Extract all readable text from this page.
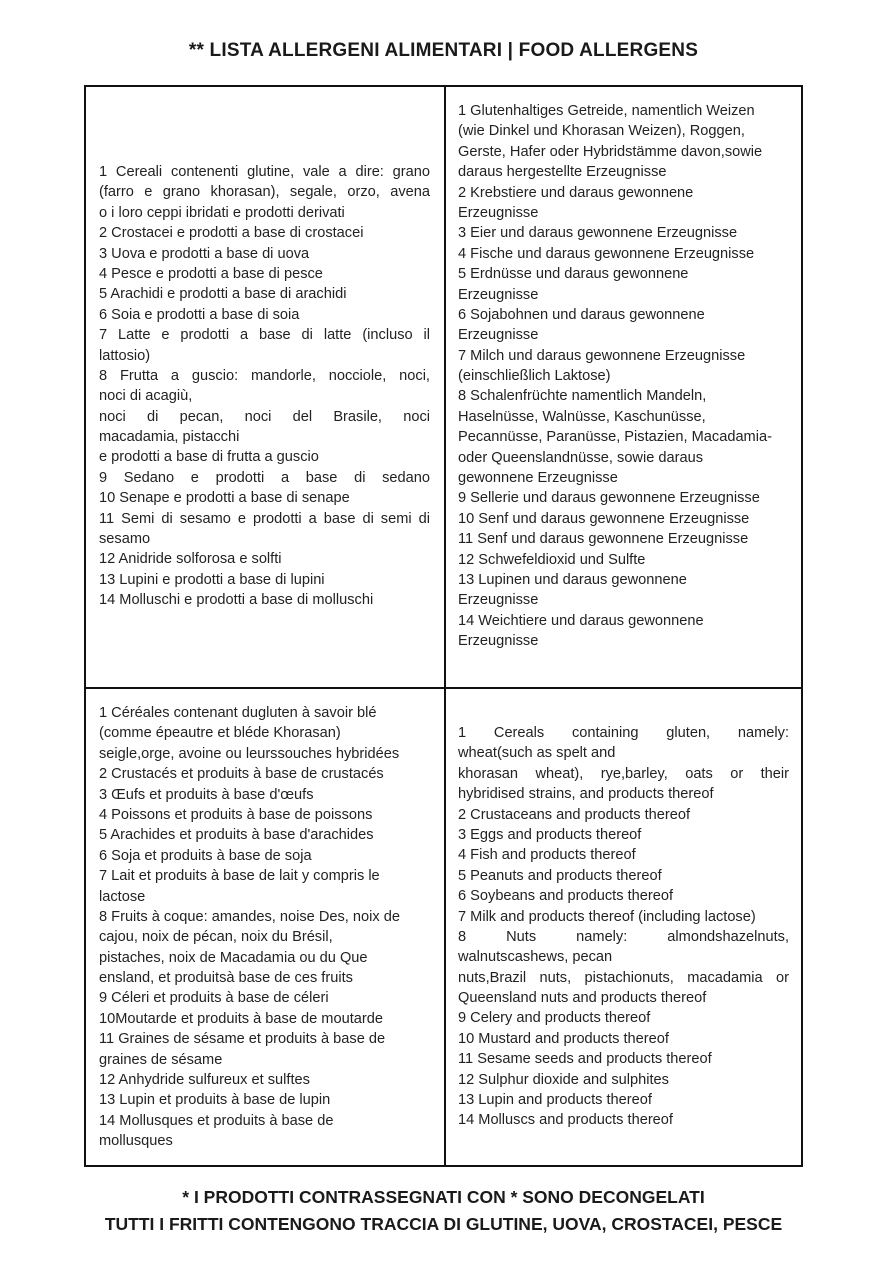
** LISTA ALLERGENI ALIMENTARI | FOOD ALLERGENS
1 Cereali contenenti glutine, vale a dire: grano
(farro e grano khorasan), segale, orzo, avena
o i loro ceppi ibridati e prodotti derivati
2 Crostacei e prodotti a base di crostacei
3 Uova e prodotti a base di uova
4 Pesce e prodotti a base di pesce
5 Arachidi e prodotti a base di arachidi
6 Soia e prodotti a base di soia
7 Latte e prodotti a base di latte (incluso il
lattosio)
8 Frutta a guscio: mandorle, nocciole, noci,
noci di acagiù,
noci di pecan, noci del Brasile, noci
macadamia, pistacchi
e prodotti a base di frutta a guscio
9 Sedano e prodotti a base di sedano
10 Senape e prodotti a base di senape
11 Semi di sesamo e prodotti a base di semi di
sesamo
12 Anidride solforosa e solfti
13 Lupini e prodotti a base di lupini
14 Molluschi e prodotti a base di molluschi
1 Glutenhaltiges Getreide, namentlich Weizen
(wie Dinkel und Khorasan Weizen), Roggen,
Gerste, Hafer oder Hybridstämme davon,sowie
daraus hergestellte Erzeugnisse
2 Krebstiere und daraus gewonnene
Erzeugnisse
3 Eier und daraus gewonnene Erzeugnisse
4 Fische und daraus gewonnene Erzeugnisse
5 Erdnüsse und daraus gewonnene
Erzeugnisse
6 Sojabohnen und daraus gewonnene
Erzeugnisse
7 Milch und daraus gewonnene Erzeugnisse
(einschließlich Laktose)
8 Schalenfrüchte namentlich Mandeln,
Haselnüsse, Walnüsse, Kaschunüsse,
Pecannüsse, Paranüsse, Pistazien, Macadamia-
oder Queenslandnüsse, sowie daraus
gewonnene Erzeugnisse
9 Sellerie und daraus gewonnene Erzeugnisse
10 Senf und daraus gewonnene Erzeugnisse
11 Senf und daraus gewonnene Erzeugnisse
12 Schwefeldioxid und Sulfte
13 Lupinen und daraus gewonnene
Erzeugnisse
14 Weichtiere und daraus gewonnene
Erzeugnisse
1 Céréales contenant dugluten à savoir blé
(comme épeautre et bléde Khorasan)
seigle,orge, avoine ou leurssouches hybridées
2 Crustacés et produits à base de crustacés
3 Œufs et produits à base d'œufs
4 Poissons et produits à base de poissons
5 Arachides et produits à base d'arachides
6 Soja et produits à base de soja
7 Lait et produits à base de lait y compris le
lactose
8 Fruits à coque: amandes, noise Des, noix de
cajou, noix de pécan, noix du Brésil,
pistaches, noix de Macadamia ou du Que
ensland, et produitsà base de ces fruits
9 Céleri et produits à base de céleri
10Moutarde et produits à base de moutarde
11 Graines de sésame et produits à base de
graines de sésame
12 Anhydride sulfureux et sulftes
13 Lupin et produits à base de lupin
14 Mollusques et produits à base de
mollusques
1 Cereals containing gluten, namely:
wheat(such as spelt and
khorasan wheat), rye,barley, oats or their
hybridised strains, and products thereof
2 Crustaceans and products thereof
3 Eggs and products thereof
4 Fish and products thereof
5 Peanuts and products thereof
6 Soybeans and products thereof
7 Milk and products thereof (including lactose)
8 Nuts namely: almondshazelnuts,
walnutscashews, pecan
nuts,Brazil nuts, pistachionuts, macadamia or
Queensland nuts and products thereof
9 Celery and products thereof
10 Mustard and products thereof
11 Sesame seeds and products thereof
12 Sulphur dioxide and sulphites
13 Lupin and products thereof
14 Molluscs and products thereof
* I PRODOTTI CONTRASSEGNATI CON * SONO DECONGELATI
TUTTI I FRITTI CONTENGONO TRACCIA DI GLUTINE, UOVA, CROSTACEI, PESCE
